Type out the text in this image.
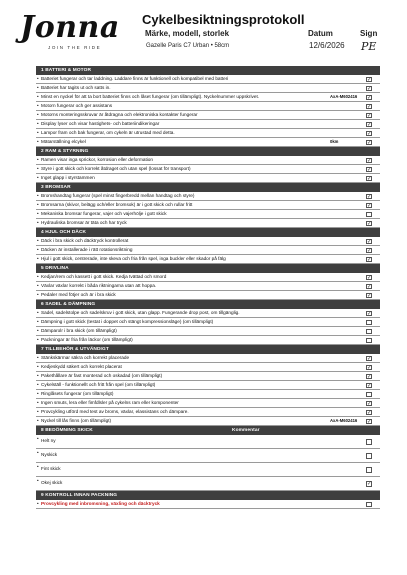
Jonna
JOIN THE RIDE
Cykelbesiktningsprotokoll
Märke, modell, storlek
Gazelle Paris C7 Urban • 58cm
Datum
12/6/2026
Sign
PE
1 BATTERI & MOTOR
• Batteriet fungerar och tar laddning. Laddare finns är funktionell och kompatibel med batteri	✓
• Batteriet har tagits ut och satts in.	✓
• Minst en nyckel för att ta bort batteriet finns och låset fungerar (om tillämpligt). Nyckelnummer uppskrivet.	AxA-M602416 ✓
• Motorn fungerar och ger assistans	✓
• Motorns monteringsskruvar är åtdragna och elektroniska kontakter fungerar	✓
• Display lyser och visar hastighets- och batteriindikeringar	✓
• Lampor fram och bak fungerar, om cykeln är utrustad med detta.	✓
• Mätarställning elcykel	0km	✓
2 RAM & STYRNING
• Ramen visar inga sprickor, korrosion eller deformation	✓
• Styre i gott skick och korrekt åtdraget och utan spel (lossat för transport)	✓
• Inget glapp i styrstammen	✓
3 BROMSAR
• Bromshandtag fungerar (spel minst fingerbredd mellan handtag och styre)	✓
• Bromsarna (skivor, belägg och/eller bromsok) är i gott skick och rullar fritt	✓
• Mekaniska bromsar fungerar, vajer och vajerhölje i gott skick
• Hydrauliska bromsar är täta och har tryck	✓
4 HJUL OCH DÄCK
• Däck i bra skick och däcktryck kontrollerat	✓
• Däcken är installerade i rätt rotationsriktning	✓
• Hjul i gott skick, centrerade, inte skeva och fria från spel, inga buckler eller skador på fälg	✓
5 DRIVLINA
• Kedjan/rem och kassett i gott skick. Kedja tvättad och smord	✓
• Växlar växlar korrekt i båda riktningarna utan att hoppa.	✓
• Pedaler med fötjer och är i bra skick	✓
6 SADEL & DÄMPNING
• Sadel, sadelstolpe och sadelskruv i gott skick, utan glapp. Fungerande drop post, om tillgänglig.	✓
• Dämpning i gott skick (testat i doppet och stängt kompressionsläge) (om tillämpligt)
• Dämparolr i bra skick (om tillämpligt)
• Packningar är fria från läckor (om tillämpligt)
7 TILLBEHÖR & UTVÄNDIGT
• Stänkskärmar säkra och korrekt placerade	✓
• Kedjeskydd säkert och korrekt placerat	✓
• Pakethållare är fast monterad och oskadad (om tillämpligt)	✓
• Cykelställ - funktionellt och fritt från spel (om tillämpligt)	✓
• Ringlåsets fungerar (om tillämpligt)
• Ingen smuts, lera eller fimfdlsler på cykelns ram eller komponenter	✓
• Provcykling utförd med test av broms, växlar, elassistans och dämpare.	✓
• Nyckel till lås finns (om tillämpligt)	AxA-M602416 ✓
8 BEDÖMNING SKICK	Kommentar
• Helt ny
• Nyskick
• Fint skick
• Okej skick	✓
9 KONTROLL INNAN PACKNING
• Provcykling med inbromsning, växling och däcktryck
